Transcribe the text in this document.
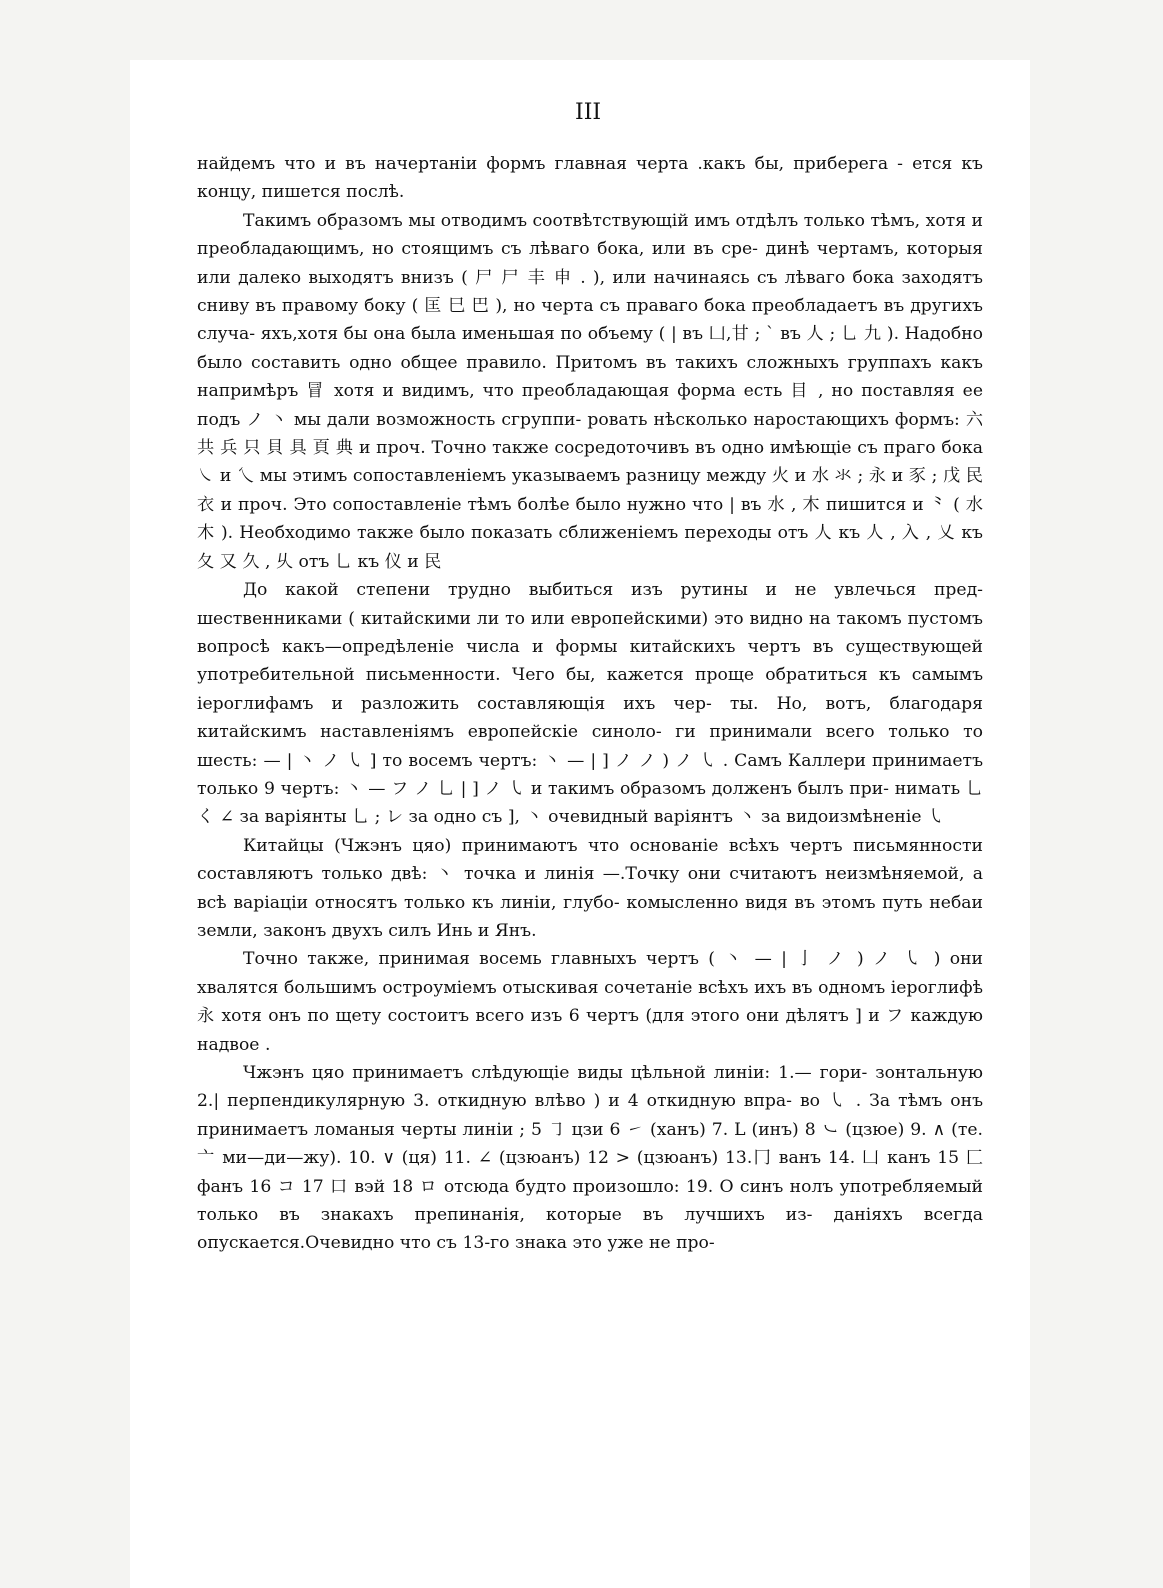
III

найдемъ что и въ начертаніи формъ главная черта .какъ бы, приберега - ется къ концу, пишется послѣ.

Такимъ образомъ мы отводимъ соотвѣтствующій имъ отдѣлъ только тѣмъ, хотя и преобладающимъ, но стоящимъ съ лѣваго бока, или въ сре- динѣ чертамъ, которыя или далеко выходятъ внизъ ( 尸 尸 丰 申 . ), или начинаясь съ лѣваго бока заходятъ сниву въ правому боку ( 匡 巳 巴 ), но черта съ праваго бока преобладаетъ въ другихъ случа- яхъ,хотя бы она была именьшая по объему ( | въ 凵,甘 ; ` въ 人 ; 乚 九 ). Надобно было составить одно общее правило. Притомъ въ такихъ сложныхъ группахъ какъ напримѣръ 冒 хотя и видимъ, что преобладающая форма есть 目 , но поставляя ее подъ ノ 丶 мы дали возможность сгруппи- ровать нѣсколько наростающихъ формъ: 六 共 兵 只 貝 具 頁 典 и проч. Точно также сосредоточивъ въ одно имѣющіе съ праго бока ㇏ и 乀 мы этимъ сопоставленіемъ указываемъ разницу между 火 и 水 氺 ; 永 и 豕 ; 戊 民 衣 и проч. Это сопоставленіе тѣмъ болѣе было нужно что | въ 水 , 木 пишится и ⺀ ( 水 木 ). Необходимо также было показать сближеніемъ переходы отъ 人 къ 人 , 入 , 乂 къ 夂 又 久 , 乆 отъ 乚 къ 仪 и 民

До какой степени трудно выбиться изъ рутины и не увлечься пред- шественниками ( китайскими ли то или европейскими) это видно на такомъ пустомъ вопросѣ какъ—опредѣленіе числа и формы китайскихъ чертъ въ существующей употребительной письменности. Чего бы, кажется проще обратиться къ самымъ іероглифамъ и разложить составляющія ихъ чер- ты. Но, вотъ, благодаря китайскимъ наставленіямъ европейскіе синоло- ги принимали всего только то шесть: — | 丶 ノ ㇂ ] то восемъ чертъ: 丶 — | ] ノ ノ ) ノ ㇂ . Самъ Каллери принимаетъ только 9 чертъ: 丶 — フ ノ 乚 | ] ノ ㇂ и такимъ образомъ долженъ былъ при- нимать 乚 く ∠ за варіянты 乚 ; レ за одно съ ], 丶 очевидный варіянтъ 丶 за видоизмѣненіе ㇂

Китайцы (Чжэнъ цяо) принимаютъ что основаніе всѣхъ чертъ письмянности составляютъ только двѣ: 丶 точка и линія —.Точку они считаютъ неизмѣняемой, а всѣ варіаціи относятъ только къ линіи, глубо- комысленно видя въ этомъ путь небаи земли, законъ двухъ силъ Инь и Янъ.

Точно также, принимая восемь главныхъ чертъ ( 丶 — | 亅 ノ ) ノ ㇂ ) они хвалятся большимъ остроуміемъ отыскивая сочетаніе всѣхъ ихъ въ одномъ іероглифѣ 永 хотя онъ по щету состоитъ всего изъ 6 чертъ (для этого они дѣлятъ ] и フ каждую надвое .

Чжэнъ цяо принимаетъ слѣдующіе виды цѣльной линіи: 1.— гори- зонтальную 2.| перпендикулярную 3. откидную влѣво ) и 4 откидную впра- во ㇂ . За тѣмъ онъ принимаетъ ломаныя черты линіи ; 5 ㇆ цзи 6 ㇀ (ханъ) 7. L (инъ) 8 ㇃ (цзюе) 9. ∧ (те. 亠 ми—ди—жу). 10. ∨ (ця) 11. ∠ (цзюанъ) 12 > (цзюанъ) 13.冂 ванъ 14. 凵 канъ 15 匚 фанъ 16 コ 17 口 вэй 18 ロ отсюда будто произошло: 19. O синъ нолъ употребляемый только въ знакахъ препинанія, которые въ лучшихъ из- даніяхъ всегда опускается.Очевидно что съ 13-го знака это уже не про-
